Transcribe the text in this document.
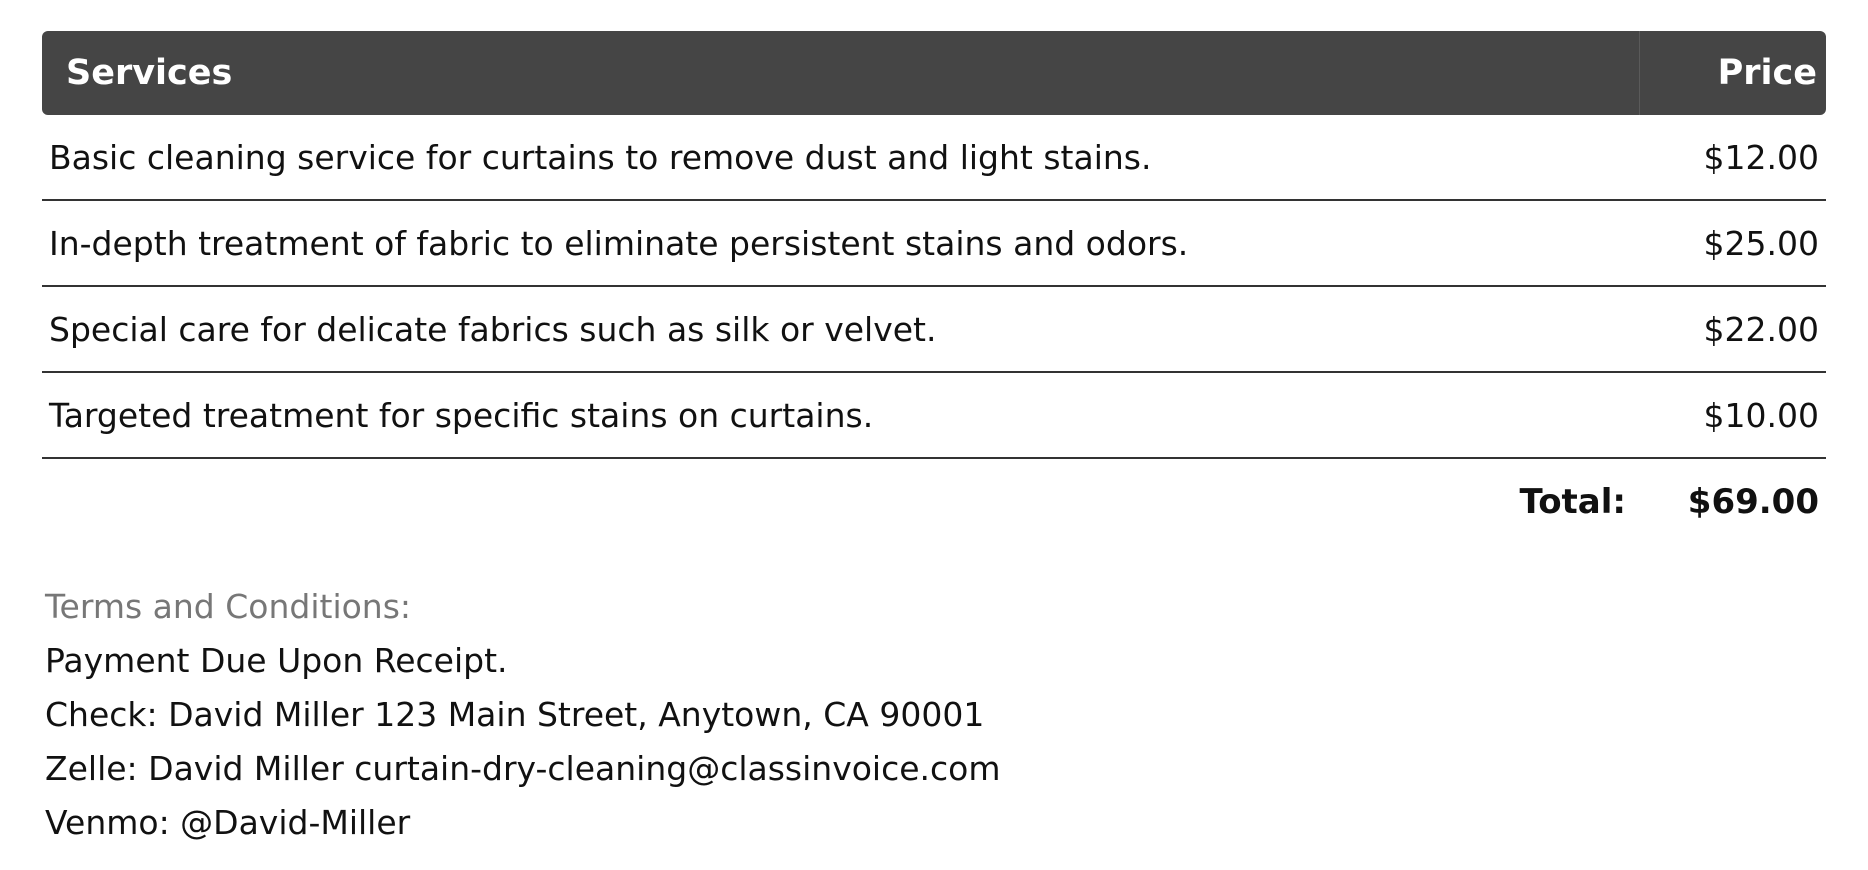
Services	Price
Basic cleaning service for curtains to remove dust and light stains.	$12.00
In-depth treatment of fabric to eliminate persistent stains and odors.	$25.00
Special care for delicate fabrics such as silk or velvet.	$22.00
Targeted treatment for specific stains on curtains.	$10.00
Total:	$69.00
Terms and Conditions:
Payment Due Upon Receipt.
Check: David Miller 123 Main Street, Anytown, CA 90001
Zelle: David Miller curtain-dry-cleaning@classinvoice.com
Venmo: @David-Miller
